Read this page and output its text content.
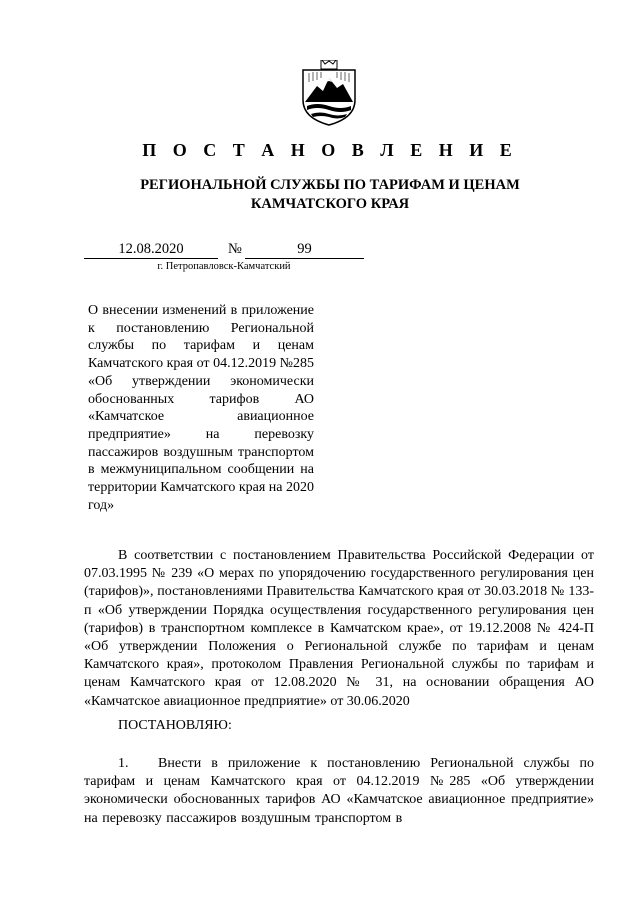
П О С Т А Н О В Л Е Н И Е
РЕГИОНАЛЬНОЙ СЛУЖБЫ ПО ТАРИФАМ И ЦЕНАМ КАМЧАТСКОГО КРАЯ
12.08.2020	№	99
г. Петропавловск-Камчатский

О внесении изменений в приложение к постановлению Региональной службы по тарифам и ценам Камчатского края от 04.12.2019 №285 «Об утверждении экономически обоснованных тарифов АО «Камчатское авиационное предприятие» на перевозку пассажиров воздушным транспортом в межмуниципальном сообщении на территории Камчатского края на 2020 год»

В соответствии с постановлением Правительства Российской Федерации от 07.03.1995 № 239 «О мерах по упорядочению государственного регулирования цен (тарифов)», постановлениями Правительства Камчатского края от 30.03.2018 № 133-п «Об утверждении Порядка осуществления государственного регулирования цен (тарифов) в транспортном комплексе в Камчатском крае», от 19.12.2008 № 424-П «Об утверждении Положения о Региональной службе по тарифам и ценам Камчатского края», протоколом Правления Региональной службы по тарифам и ценам Камчатского края от 12.08.2020 № 31, на основании обращения АО «Камчатское авиационное предприятие» от 30.06.2020

ПОСТАНОВЛЯЮ:

1. Внести в приложение к постановлению Региональной службы по тарифам и ценам Камчатского края от 04.12.2019 №285 «Об утверждении экономически обоснованных тарифов АО «Камчатское авиационное предприятие» на перевозку пассажиров воздушным транспортом в
